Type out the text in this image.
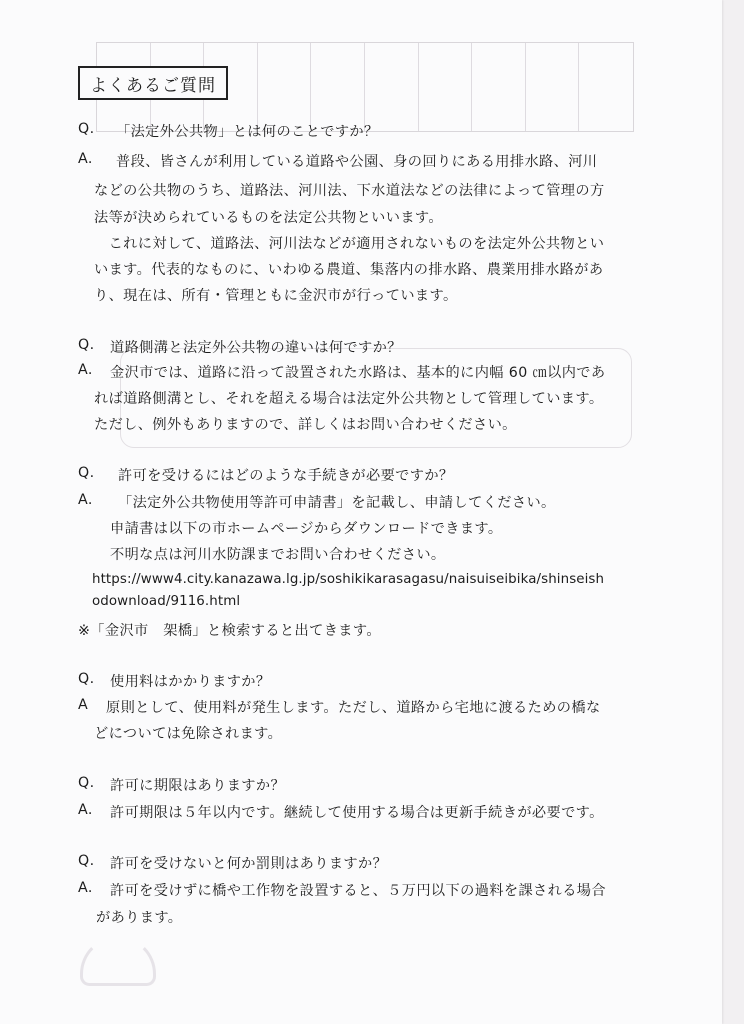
よくあるご質問
Q. 「法定外公共物」とは何のことですか？
A. 普段、皆さんが利用している道路や公園、身の回りにある用排水路、河川
などの公共物のうち、道路法、河川法、下水道法などの法律によって管理の方
法等が決められているものを法定公共物といいます。
　これに対して、道路法、河川法などが適用されないものを法定外公共物とい
います。代表的なものに、いわゆる農道、集落内の排水路、農業用排水路があ
り、現在は、所有・管理ともに金沢市が行っています。
Q. 道路側溝と法定外公共物の違いは何ですか？
A. 金沢市では、道路に沿って設置された水路は、基本的に内幅 60 ㎝以内であ
れば道路側溝とし、それを超える場合は法定外公共物として管理しています。
ただし、例外もありますので、詳しくはお問い合わせください。
Q. 許可を受けるにはどのような手続きが必要ですか？
A. 「法定外公共物使用等許可申請書」を記載し、申請してください。
申請書は以下の市ホームページからダウンロードできます。
不明な点は河川水防課までお問い合わせください。
https://www4.city.kanazawa.lg.jp/soshikikarasagasu/naisuiseibika/shinseish
odownload/9116.html
※「金沢市　架橋」と検索すると出てきます。
Q. 使用料はかかりますか？
A 原則として、使用料が発生します。ただし、道路から宅地に渡るための橋な
どについては免除されます。
Q. 許可に期限はありますか？
A. 許可期限は５年以内です。継続して使用する場合は更新手続きが必要です。
Q. 許可を受けないと何か罰則はありますか？
A. 許可を受けずに橋や工作物を設置すると、５万円以下の過料を課される場合
があります。
